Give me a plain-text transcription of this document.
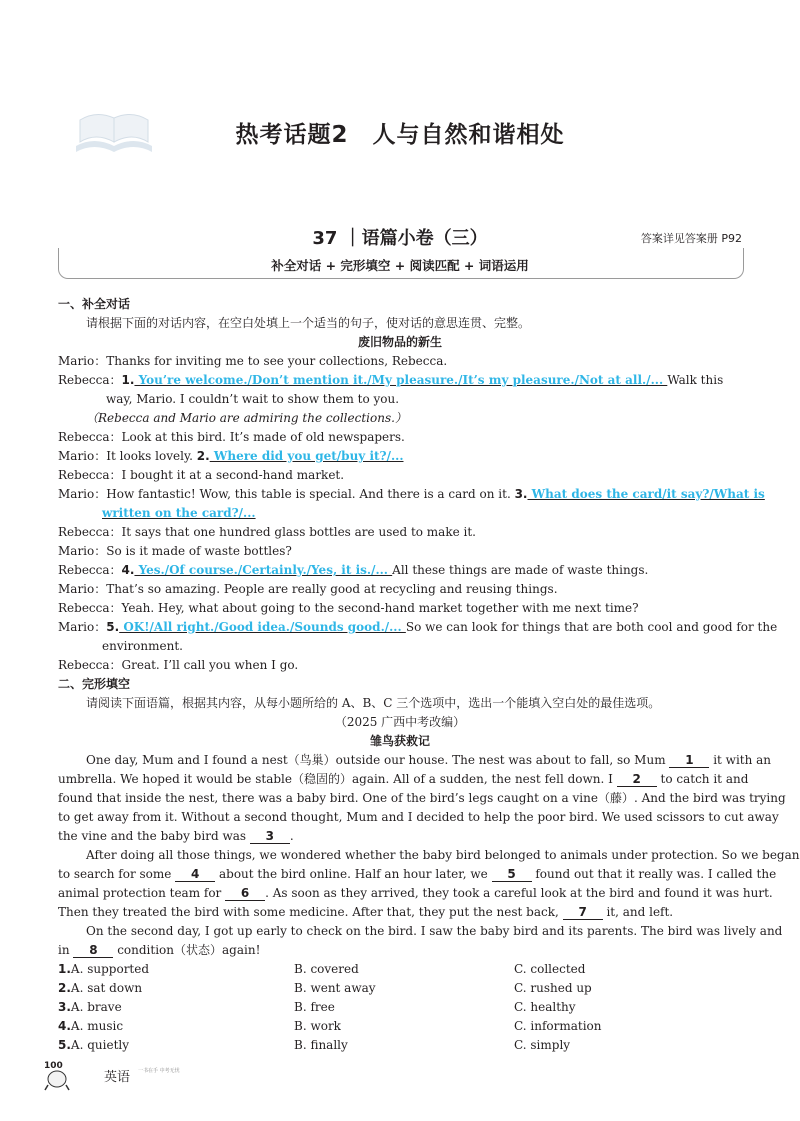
热考话题2　人与自然和谐相处
37 ｜语篇小卷（三）	答案详见答案册 P92
补全对话 + 完形填空 + 阅读匹配 + 词语运用
一、补全对话
请根据下面的对话内容，在空白处填上一个适当的句子，使对话的意思连贯、完整。
废旧物品的新生
Mario：Thanks for inviting me to see your collections, Rebecca.
Rebecca：1. You’re welcome./Don’t mention it./My pleasure./It’s my pleasure./Not at all./... Walk this
way, Mario. I couldn’t wait to show them to you.
（Rebecca and Mario are admiring the collections.）
Rebecca：Look at this bird. It’s made of old newspapers.
Mario：It looks lovely. 2. Where did you get/buy it?/...
Rebecca：I bought it at a second-hand market.
Mario：How fantastic! Wow, this table is special. And there is a card on it. 3. What does the card/it say?/What is
written on the card?/...
Rebecca：It says that one hundred glass bottles are used to make it.
Mario：So is it made of waste bottles?
Rebecca：4. Yes./Of course./Certainly./Yes, it is./... All these things are made of waste things.
Mario：That’s so amazing. People are really good at recycling and reusing things.
Rebecca：Yeah. Hey, what about going to the second-hand market together with me next time?
Mario：5. OK!/All right./Good idea./Sounds good./... So we can look for things that are both cool and good for the
environment.
Rebecca：Great. I’ll call you when I go.
二、完形填空
请阅读下面语篇，根据其内容，从每小题所给的 A、B、C 三个选项中，选出一个能填入空白处的最佳选项。
（2025 广西中考改编）
雏鸟获救记
One day, Mum and I found a nest（鸟巢）outside our house. The nest was about to fall, so Mum 1 it with an
umbrella. We hoped it would be stable（稳固的）again. All of a sudden, the nest fell down. I 2 to catch it and
found that inside the nest, there was a baby bird. One of the bird’s legs caught on a vine（藤）. And the bird was trying
to get away from it. Without a second thought, Mum and I decided to help the poor bird. We used scissors to cut away
the vine and the baby bird was 3 .
After doing all those things, we wondered whether the baby bird belonged to animals under protection. So we began
to search for some 4 about the bird online. Half an hour later, we 5 found out that it really was. I called the
animal protection team for 6 . As soon as they arrived, they took a careful look at the bird and found it was hurt.
Then they treated the bird with some medicine. After that, they put the nest back, 7 it, and left.
On the second day, I got up early to check on the bird. I saw the baby bird and its parents. The bird was lively and
in 8 condition（状态）again!
1.A. supported	B. covered	C. collected
2.A. sat down	B. went away	C. rushed up
3.A. brave	B. free	C. healthy
4.A. music	B. work	C. information
5.A. quietly	B. finally	C. simply
100
英语 一书在手 中考无忧
